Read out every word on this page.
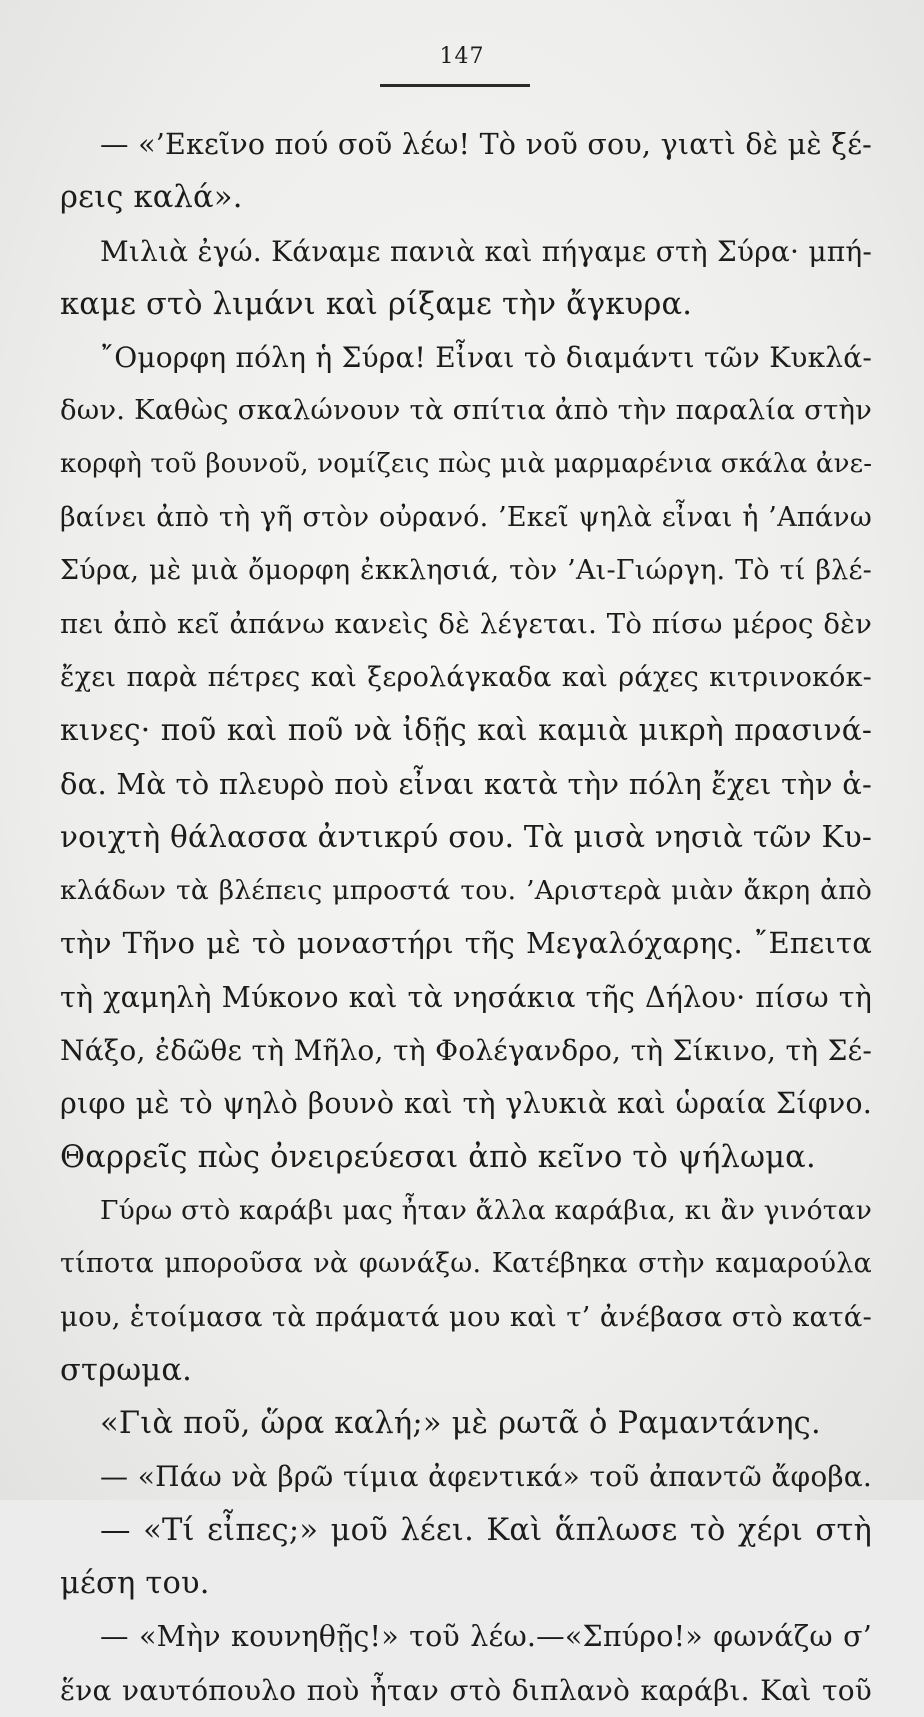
147
— «’Εκεῖνο πού σοῦ λέω! Τὸ νοῦ σου, γιατὶ δὲ μὲ ξέ-
ρεις καλά».
Μιλιὰ ἐγώ. Κάναμε πανιὰ καὶ πήγαμε στὴ Σύρα· μπή-
καμε στὸ λιμάνι καὶ ρίξαμε τὴν ἄγκυρα.
῎Ομορφη πόλη ἡ Σύρα! Εἶναι τὸ διαμάντι τῶν Κυκλά-
δων. Καθὼς σκαλώνουν τὰ σπίτια ἀπὸ τὴν παραλία στὴν
κορφὴ τοῦ βουνοῦ, νομίζεις πὼς μιὰ μαρμαρένια σκάλα ἀνε-
βαίνει ἀπὸ τὴ γῆ στὸν οὐρανό. ’Εκεῖ ψηλὰ εἶναι ἡ ’Απάνω
Σύρα, μὲ μιὰ ὄμορφη ἐκκλησιά, τὸν ’Αι-Γιώργη. Τὸ τί βλέ-
πει ἀπὸ κεῖ ἀπάνω κανεὶς δὲ λέγεται. Τὸ πίσω μέρος δὲν
ἔχει παρὰ πέτρες καὶ ξερολάγκαδα καὶ ράχες κιτρινοκόκ-
κινες· ποῦ καὶ ποῦ νὰ ἰδῇς καὶ καμιὰ μικρὴ πρασινά-
δα. Μὰ τὸ πλευρὸ ποὺ εἶναι κατὰ τὴν πόλη ἔχει τὴν ἁ-
νοιχτὴ θάλασσα ἀντικρύ σου. Τὰ μισὰ νησιὰ τῶν Κυ-
κλάδων τὰ βλέπεις μπροστά του. ’Αριστερὰ μιὰν ἄκρη ἀπὸ
τὴν Τῆνο μὲ τὸ μοναστήρι τῆς Μεγαλόχαρης. ῎Επειτα
τὴ χαμηλὴ Μύκονο καὶ τὰ νησάκια τῆς Δήλου· πίσω τὴ
Νάξο, ἐδῶθε τὴ Μῆλο, τὴ Φολέγανδρο, τὴ Σίκινο, τὴ Σέ-
ριφο μὲ τὸ ψηλὸ βουνὸ καὶ τὴ γλυκιὰ καὶ ὡραία Σίφνο.
Θαρρεῖς πὼς ὀνειρεύεσαι ἀπὸ κεῖνο τὸ ψήλωμα.
Γύρω στὸ καράβι μας ἦταν ἄλλα καράβια, κι ἂν γινόταν
τίποτα μποροῦσα νὰ φωνάξω. Κατέβηκα στὴν καμαρούλα
μου, ἑτοίμασα τὰ πράματά μου καὶ τ’ ἀνέβασα στὸ κατά-
στρωμα.
«Γιὰ ποῦ, ὥρα καλή;» μὲ ρωτᾶ ὁ Ραμαντάνης.
— «Πάω νὰ βρῶ τίμια ἀφεντικά» τοῦ ἀπαντῶ ἄφοβα.
— «Τί εἶπες;» μοῦ λέει. Καὶ ἅπλωσε τὸ χέρι στὴ
μέση του.
— «Μὴν κουνηθῇς!» τοῦ λέω.—«Σπύρο!» φωνάζω σ’
ἕνα ναυτόπουλο ποὺ ἦταν στὸ διπλανὸ καράβι. Καὶ τοῦ
